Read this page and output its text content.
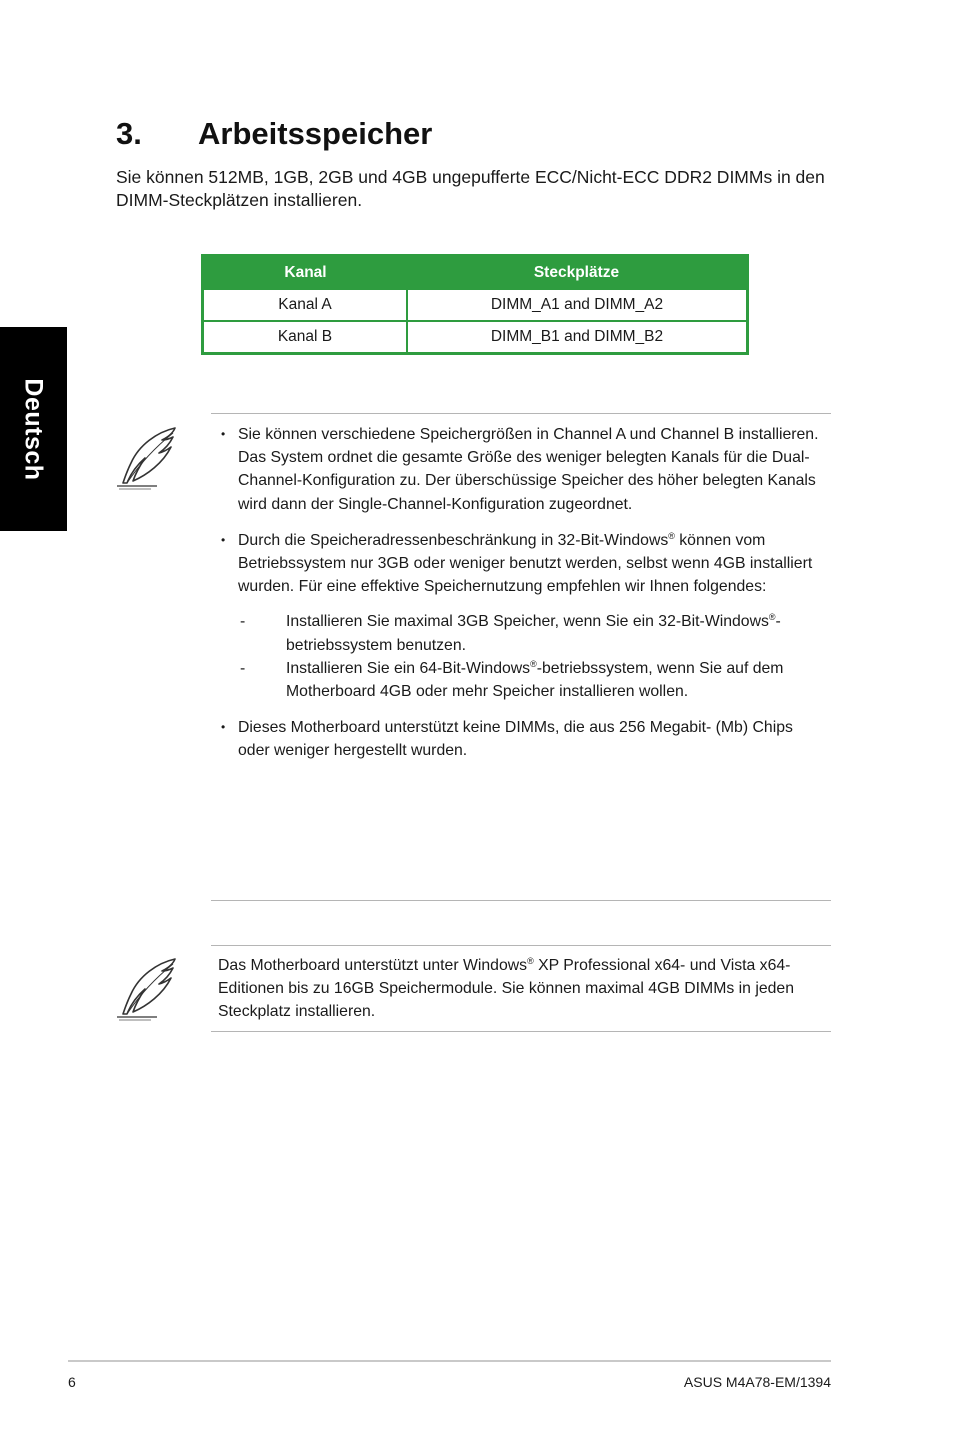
Deutsch
3. Arbeitsspeicher

Sie können 512MB, 1GB, 2GB und 4GB ungepufferte ECC/Nicht-ECC DDR2 DIMMs in den DIMM-Steckplätzen installieren.

Kanal	Steckplätze
Kanal A	DIMM_A1 and DIMM_A2
Kanal B	DIMM_B1 and DIMM_B2
• Sie können verschiedene Speichergrößen in Channel A und Channel B installieren. Das System ordnet die gesamte Größe des weniger belegten Kanals für die Dual-Channel-Konfiguration zu. Der überschüssige Speicher des höher belegten Kanals wird dann der Single-Channel-Konfiguration zugeordnet.
• Durch die Speicheradressenbeschränkung in 32-Bit-Windows® können vom Betriebssystem nur 3GB oder weniger benutzt werden, selbst wenn 4GB installiert wurden. Für eine effektive Speichernutzung empfehlen wir Ihnen folgendes:
- Installieren Sie maximal 3GB Speicher, wenn Sie ein 32-Bit-Windows®-betriebssystem benutzen.
- Installieren Sie ein 64-Bit-Windows®-betriebssystem, wenn Sie auf dem Motherboard 4GB oder mehr Speicher installieren wollen.
• Dieses Motherboard unterstützt keine DIMMs, die aus 256 Megabit- (Mb) Chips oder weniger hergestellt wurden.

Das Motherboard unterstützt unter Windows® XP Professional x64- und Vista x64-Editionen bis zu 16GB Speichermodule. Sie können maximal 4GB DIMMs in jeden Steckplatz installieren.

6	ASUS M4A78-EM/1394
